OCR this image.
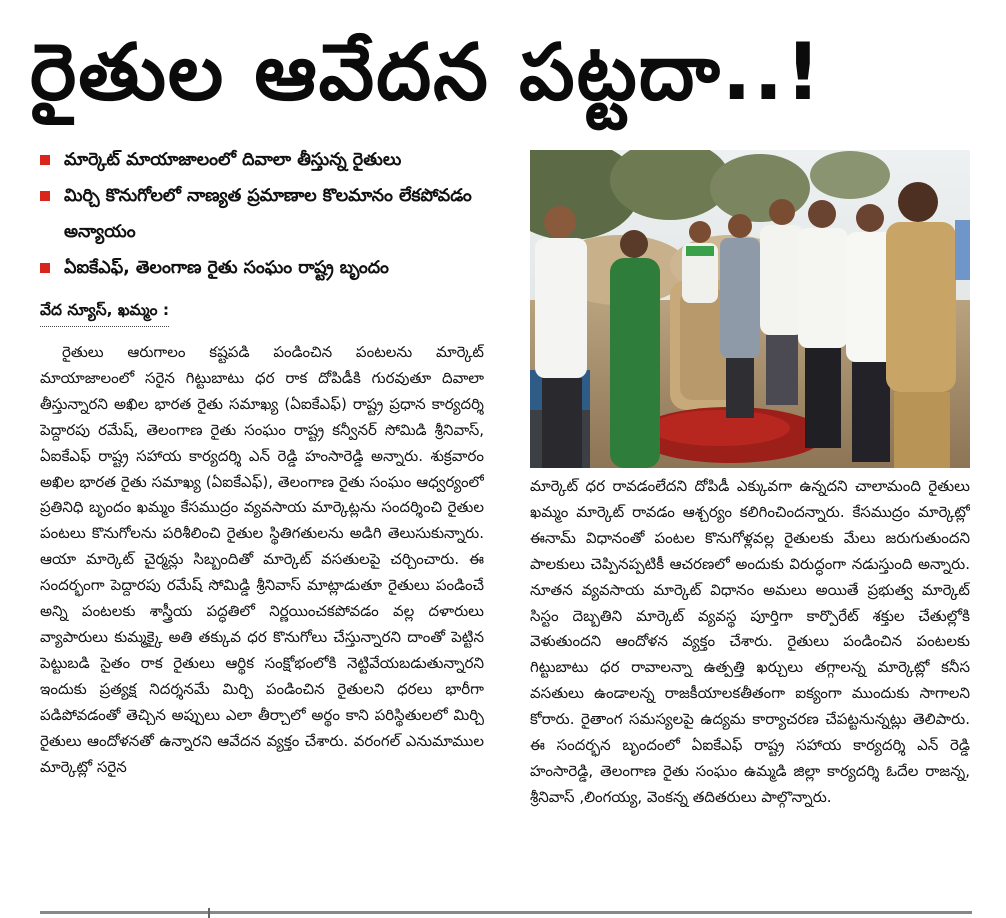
రైతుల ఆవేదన పట్టదా..!
మార్కెట్ మాయాజాలంలో దివాలా తీస్తున్న రైతులు
మిర్చి కొనుగోలలో నాణ్యత ప్రమాణాల కొలమానం లేకపోవడం అన్యాయం
ఏఐకేఎఫ్, తెలంగాణ రైతు సంఘం రాష్ట్ర బృందం
వేద న్యూస్, ఖమ్మం :

రైతులు ఆరుగాలం కష్టపడి పండించిన పంటలను మార్కెట్ మాయాజాలంలో సరైన గిట్టుబాటు ధర రాక దోపిడీకి గురవుతూ దివాలా తీస్తున్నారని అఖిల భారత రైతు సమాఖ్య (ఏఐకేఎఫ్) రాష్ట్ర ప్రధాన కార్యదర్శి పెద్దారపు రమేష్, తెలంగాణ రైతు సంఘం రాష్ట్ర కన్వీనర్ సోమిడి శ్రీనివాస్, ఏఐకేఎఫ్ రాష్ట్ర సహాయ కార్యదర్శి ఎన్ రెడ్డి హంసారెడ్డి అన్నారు. శుక్రవారం అఖిల భారత రైతు సమాఖ్య (ఏఐకేఎఫ్), తెలంగాణ రైతు సంఘం ఆధ్వర్యంలో ప్రతినిధి బృందం ఖమ్మం కేసముద్రం వ్యవసాయ మార్కెట్లను సందర్శించి రైతుల పంటలు కొనుగోలను పరిశీలించి రైతుల స్థితిగతులను అడిగి తెలుసుకున్నారు. ఆయా మార్కెట్ చైర్మన్లు సిబ్బందితో మార్కెట్ వసతులపై చర్చించారు. ఈ సందర్భంగా పెద్దారపు రమేష్ సోమిడ్డి శ్రీనివాస్ మాట్లాడుతూ రైతులు పండించే అన్ని పంటలకు శాస్త్రీయ పద్ధతిలో నిర్ణయించకపోవడం వల్ల దళారులు వ్యాపారులు కుమ్మక్కై అతి తక్కువ ధర కొనుగోలు చేస్తున్నారని దాంతో పెట్టిన పెట్టుబడి సైతం రాక రైతులు ఆర్థిక సంక్షోభంలోకి నెట్టివేయబడుతున్నారని ఇందుకు ప్రత్యక్ష నిదర్శనమే మిర్చి పండించిన రైతులని ధరలు భారీగా పడిపోవడంతో తెచ్చిన అప్పులు ఎలా తీర్చాలో అర్థం కాని పరిస్థితులలో మిర్చి రైతులు ఆందోళనతో ఉన్నారని ఆవేదన వ్యక్తం చేశారు. వరంగల్ ఎనుమాముల మార్కెట్లో సరైన

మార్కెట్ ధర రావడంలేదని దోపిడీ ఎక్కువగా ఉన్నదని చాలామంది రైతులు ఖమ్మం మార్కెట్ రావడం ఆశ్చర్యం కలిగించిందన్నారు. కేసముద్రం మార్కెట్లో ఈనామ్ విధానంతో పంటల కొనుగోళ్లవల్ల రైతులకు మేలు జరుగుతుందని పాలకులు చెప్పినప్పటికీ ఆచరణలో అందుకు విరుద్ధంగా నడుస్తుంది అన్నారు. నూతన వ్యవసాయ మార్కెట్ విధానం అమలు అయితే ప్రభుత్వ మార్కెట్ సిస్టం దెబ్బతిని మార్కెట్ వ్యవస్థ పూర్తిగా కార్పొరేట్ శక్తుల చేతుల్లోకి వెళుతుందని ఆందోళన వ్యక్తం చేశారు. రైతులు పండించిన పంటలకు గిట్టుబాటు ధర రావాలన్నా ఉత్పత్తి ఖర్చులు తగ్గాలన్న మార్కెట్లో కనీస వసతులు ఉండాలన్న రాజకీయాలకతీతంగా ఐక్యంగా ముందుకు సాగాలని కోరారు. రైతాంగ సమస్యలపై ఉద్యమ కార్యాచరణ చేపట్టనున్నట్లు తెలిపారు. ఈ సందర్భన బృందంలో ఏఐకేఎఫ్ రాష్ట్ర సహాయ కార్యదర్శి ఎన్ రెడ్డి హంసారెడ్డి, తెలంగాణ రైతు సంఘం ఉమ్మడి జిల్లా కార్యదర్శి ఓదేల రాజన్న, శ్రీనివాస్ ,లింగయ్య, వెంకన్న తదితరులు పాల్గొన్నారు.
